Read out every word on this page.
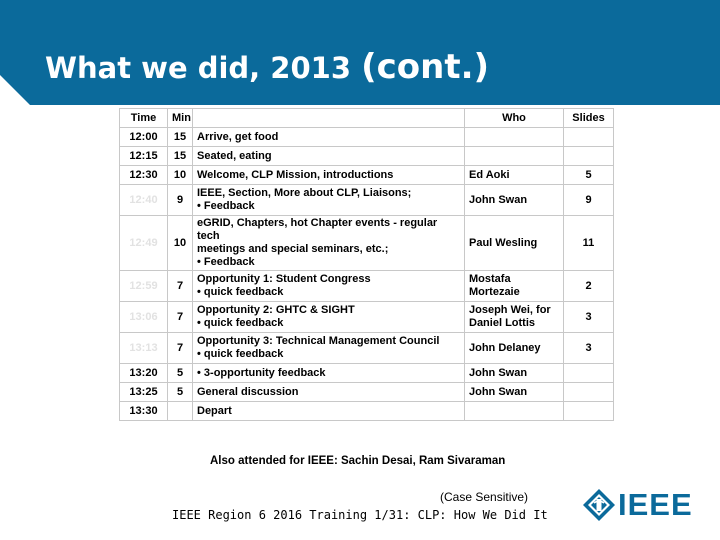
What we did, 2013 (cont.)
Time	Min		Who	Slides
12:00	15	Arrive, get food		

12:15	15	Seated, eating		

12:30	10	Welcome, CLP Mission, introductions	Ed Aoki	5
12:40	9	IEEE, Section, More about CLP, Liaisons;
• Feedback	John Swan	9
12:49	10	eGRID, Chapters, hot Chapter events - regular tech
meetings and special seminars, etc.;
• Feedback	Paul Wesling	11
12:59	7	Opportunity 1: Student Congress
• quick feedback	Mostafa Mortezaie	2
13:06	7	Opportunity 2: GHTC & SIGHT
• quick feedback	Joseph Wei, for
Daniel Lottis	3
13:13	7	Opportunity 3: Technical Management Council
• quick feedback	John Delaney	3
13:20	5	• 3-opportunity feedback	John Swan	

13:25	5	General discussion	John Swan	

13:30		Depart		

Also attended for IEEE: Sachin Desai, Ram Sivaraman
(Case Sensitive)
IEEE Region 6 2016 Training 1/31: CLP: How We Did It IEEE
